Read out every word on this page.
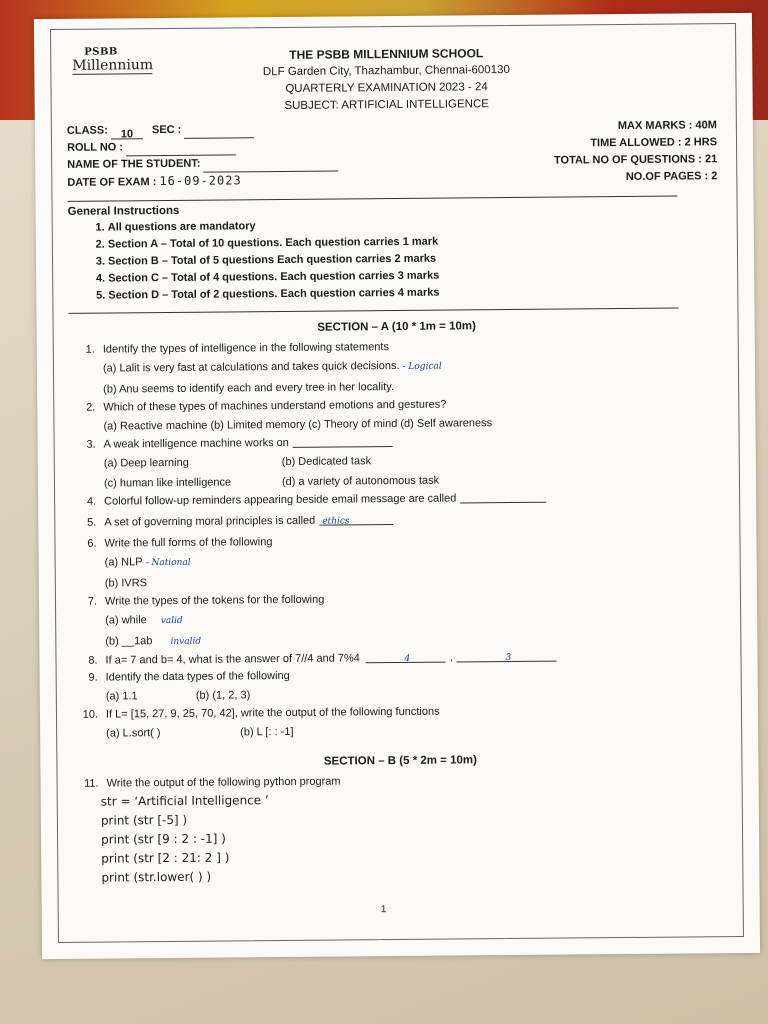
PSBB
Millennium
THE PSBB MILLENNIUM SCHOOL
DLF Garden City, Thazhambur, Chennai-600130
QUARTERLY EXAMINATION 2023 - 24
SUBJECT: ARTIFICIAL INTELLIGENCE
CLASS: 10 SEC :
ROLL NO :
NAME OF THE STUDENT:
DATE OF EXAM : 16-09-2023
MAX MARKS : 40M
TIME ALLOWED : 2 HRS
TOTAL NO OF QUESTIONS : 21
NO.OF PAGES : 2
General Instructions
1. All questions are mandatory
2. Section A – Total of 10 questions. Each question carries 1 mark
3. Section B – Total of 5 questions Each question carries 2 marks
4. Section C – Total of 4 questions. Each question carries 3 marks
5. Section D – Total of 2 questions. Each question carries 4 marks
SECTION – A (10 * 1m = 10m)
1. Identify the types of intelligence in the following statements
(a) Lalit is very fast at calculations and takes quick decisions. - Logical
(b) Anu seems to identify each and every tree in her locality.
2. Which of these types of machines understand emotions and gestures?
(a) Reactive machine (b) Limited memory (c) Theory of mind (d) Self awareness
3. A weak intelligence machine works on
(a) Deep learning	(b) Dedicated task
(c) human like intelligence	(d) a variety of autonomous task
4. Colorful follow-up reminders appearing beside email message are called
5. A set of governing moral principles is called ethics
6. Write the full forms of the following
(a) NLP - National
(b) IVRS
7. Write the types of the tokens for the following
(a) while valid
(b) __1ab invalid
8. If a= 7 and b= 4, what is the answer of 7//4 and 7%4	4	,	3
9. Identify the data types of the following
(a) 1.1	(b) (1, 2, 3)
10. If L= [15, 27, 9, 25, 70, 42], write the output of the following functions
(a) L.sort( )	(b) L [: : -1]
SECTION – B (5 * 2m = 10m)
11. Write the output of the following python program
str = ‘Artificial Intelligence ’
print (str [-5] )
print (str [9 : 2 : -1] )
print (str [2 : 21: 2 ] )
print (str.lower( ) )
1
